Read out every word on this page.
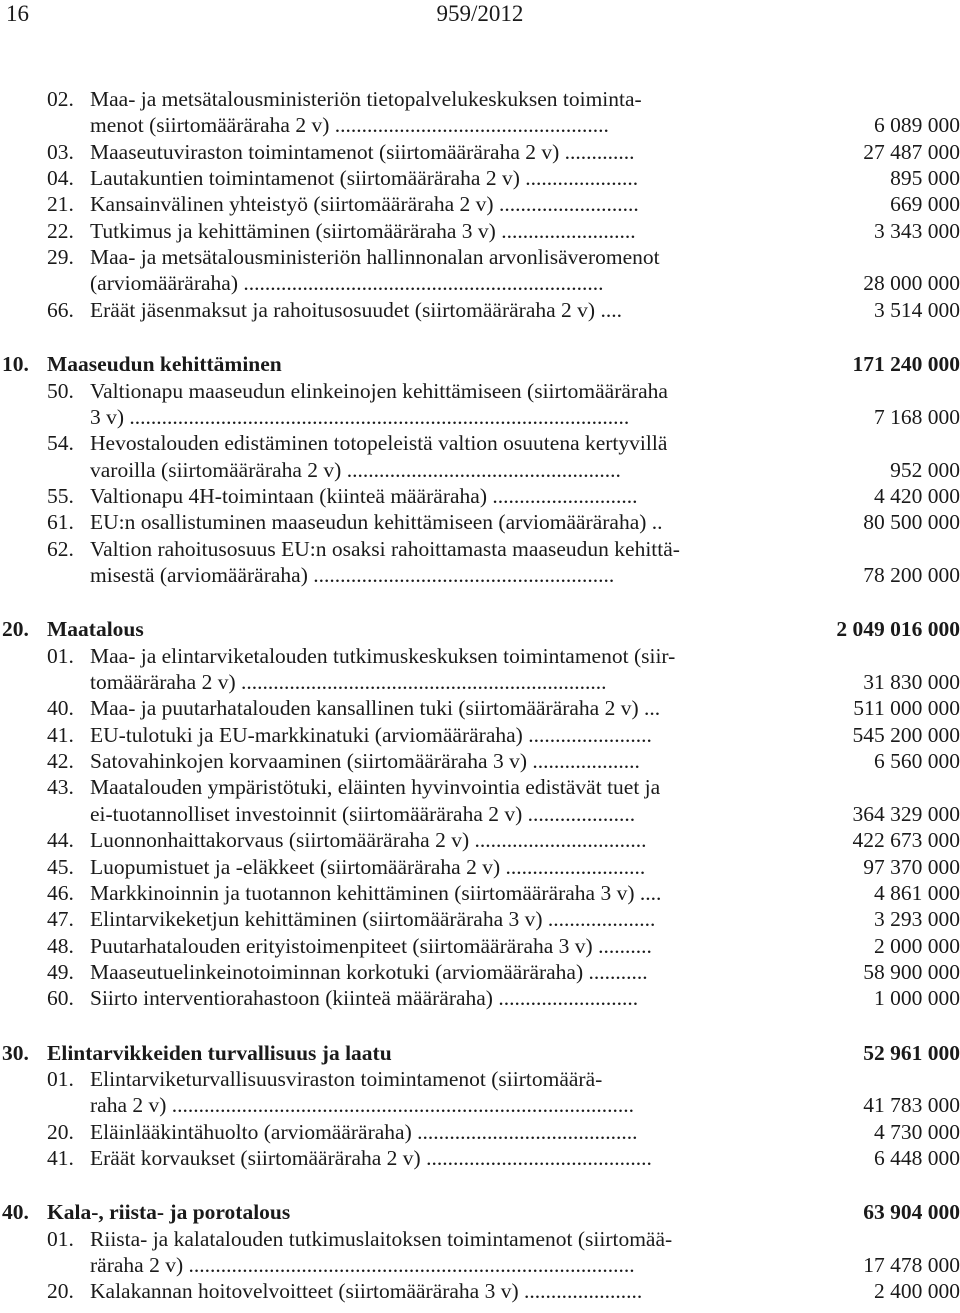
16	959/2012
02. Maa- ja metsätalousministeriön tietopalvelukeskuksen toiminta-
menot (siirtomääräraha 2 v) ...................................................	6 089 000
03. Maaseutuviraston toimintamenot (siirtomääräraha 2 v) .............	27 487 000
04. Lautakuntien toimintamenot (siirtomääräraha 2 v) .....................	895 000
21. Kansainvälinen yhteistyö (siirtomääräraha 2 v) ..........................	669 000
22. Tutkimus ja kehittäminen (siirtomääräraha 3 v) .........................	3 343 000
29. Maa- ja metsätalousministeriön hallinnonalan arvonlisäveromenot
(arviomääräraha) ...................................................................	28 000 000
66. Eräät jäsenmaksut ja rahoitusosuudet (siirtomääräraha 2 v) ....	3 514 000
10. Maaseudun kehittäminen	171 240 000
50. Valtionapu maaseudun elinkeinojen kehittämiseen (siirtomääräraha
3 v) .............................................................................................	7 168 000
54. Hevostalouden edistäminen totopeleistä valtion osuutena kertyvillä
varoilla (siirtomääräraha 2 v) ...................................................	952 000
55. Valtionapu 4H-toimintaan (kiinteä määräraha) ...........................	4 420 000
61. EU:n osallistuminen maaseudun kehittämiseen (arviomääräraha) ..	80 500 000
62. Valtion rahoitusosuus EU:n osaksi rahoittamasta maaseudun kehittä-
misestä (arviomääräraha) ........................................................	78 200 000
20. Maatalous	2 049 016 000
01. Maa- ja elintarviketalouden tutkimuskeskuksen toimintamenot (siir-
tomääräraha 2 v) ....................................................................	31 830 000
40. Maa- ja puutarhatalouden kansallinen tuki (siirtomääräraha 2 v) ...	511 000 000
41. EU-tulotuki ja EU-markkinatuki (arviomääräraha) .......................	545 200 000
42. Satovahinkojen korvaaminen (siirtomääräraha 3 v) ....................	6 560 000
43. Maatalouden ympäristötuki, eläinten hyvinvointia edistävät tuet ja
ei-tuotannolliset investoinnit (siirtomääräraha 2 v) ....................	364 329 000
44. Luonnonhaittakorvaus (siirtomääräraha 2 v) ................................	422 673 000
45. Luopumistuet ja -eläkkeet (siirtomääräraha 2 v) ..........................	97 370 000
46. Markkinoinnin ja tuotannon kehittäminen (siirtomääräraha 3 v) ....	4 861 000
47. Elintarvikeketjun kehittäminen (siirtomääräraha 3 v) ....................	3 293 000
48. Puutarhatalouden erityistoimenpiteet (siirtomääräraha 3 v) ..........	2 000 000
49. Maaseutuelinkeinotoiminnan korkotuki (arviomääräraha) ...........	58 900 000
60. Siirto interventiorahastoon (kiinteä määräraha) ..........................	1 000 000
30. Elintarvikkeiden turvallisuus ja laatu	52 961 000
01. Elintarviketurvallisuusviraston toimintamenot (siirtomäärä-
raha 2 v) ......................................................................................	41 783 000
20. Eläinlääkintähuolto (arviomääräraha) .........................................	4 730 000
41. Eräät korvaukset (siirtomääräraha 2 v) ..........................................	6 448 000
40. Kala-, riista- ja porotalous	63 904 000
01. Riista- ja kalatalouden tutkimuslaitoksen toimintamenot (siirtomää-
räraha 2 v) ...................................................................................	17 478 000
20. Kalakannan hoitovelvoitteet (siirtomääräraha 3 v) ......................	2 400 000
